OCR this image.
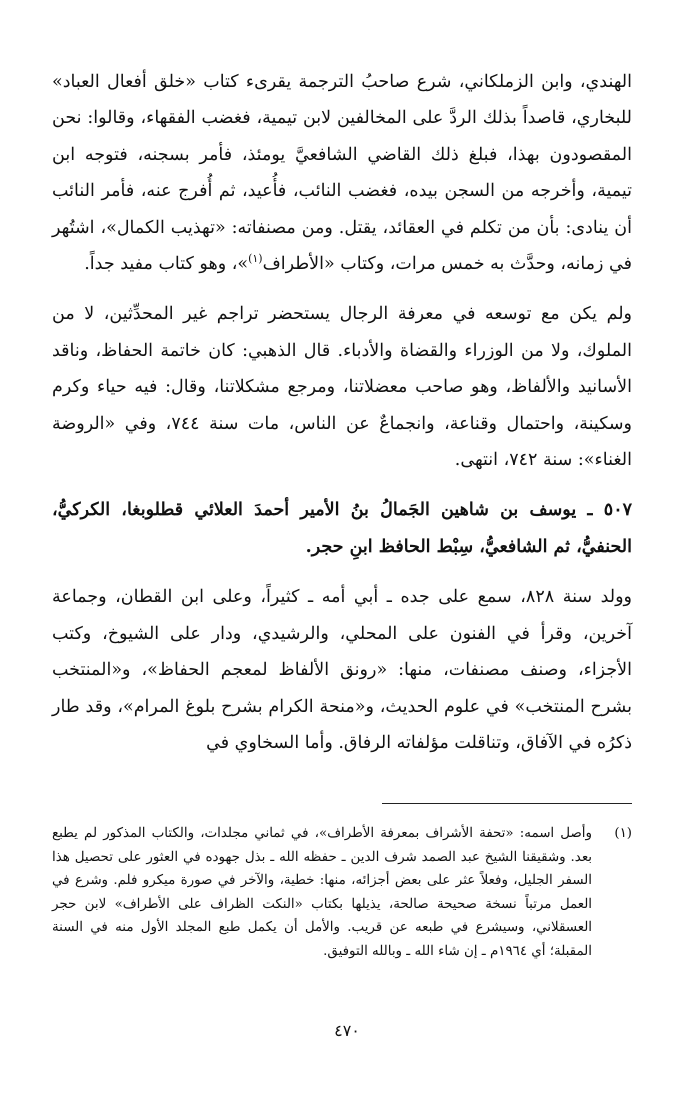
الهندي، وابن الزملكاني، شرع صاحبُ الترجمة يقرىء كتاب «خلق أفعال العباد» للبخاري، قاصداً بذلك الردَّ على المخالفين لابن تيمية، فغضب الفقهاء، وقالوا: نحن المقصودون بهذا، فبلغ ذلك القاضي الشافعيَّ يومئذ، فأمر بسجنه، فتوجه ابن تيمية، وأخرجه من السجن بيده، فغضب النائب، فأُعيد، ثم أُفرج عنه، فأمر النائب أن ينادى: بأن من تكلم في العقائد، يقتل. ومن مصنفاته: «تهذيب الكمال»، اشتُهر في زمانه، وحدَّث به خمس مرات، وكتاب «الأطراف$^{(١)}$»، وهو كتاب مفيد جداً.

ولم يكن مع توسعه في معرفة الرجال يستحضر تراجم غير المحدِّثين، لا من الملوك، ولا من الوزراء والقضاة والأدباء. قال الذهبي: كان خاتمة الحفاظ، وناقد الأسانيد والألفاظ، وهو صاحب معضلاتنا، ومرجع مشكلاتنا، وقال: فيه حياء وكرم وسكينة، واحتمال وقناعة، وانجماعٌ عن الناس، مات سنة ٧٤٤، وفي «الروضة الغناء»: سنة ٧٤٢، انتهى.

٥٠٧ ـ يوسف بن شاهين الجَمالُ بنُ الأمير أحمدَ العلائي قطلوبغا، الكركيُّ، الحنفيُّ، ثم الشافعيُّ، سِبْط الحافظ ابنِ حجر.

وولد سنة ٨٢٨، سمع على جده ـ أبي أمه ـ كثيراً، وعلى ابن القطان، وجماعة آخرين، وقرأ في الفنون على المحلي، والرشيدي، ودار على الشيوخ، وكتب الأجزاء، وصنف مصنفات، منها: «رونق الألفاظ لمعجم الحفاظ»، و«المنتخب بشرح المنتخب» في علوم الحديث، و«منحة الكرام بشرح بلوغ المرام»، وقد طار ذكرُه في الآفاق، وتناقلت مؤلفاته الرفاق. وأما السخاوي في

(١)

وأصل اسمه: «تحفة الأشراف بمعرفة الأطراف»، في ثماني مجلدات، والكتاب المذكور لم يطبع بعد. وشقيقنا الشيخ عبد الصمد شرف الدين ـ حفظه الله ـ بذل جهوده في العثور على تحصيل هذا السفر الجليل، وفعلاً عثر على بعض أجزائه، منها: خطية، والآخر في صورة ميكرو فلم. وشرع في العمل مرتباً نسخة صحيحة صالحة، يذيلها بكتاب «النكت الظراف على الأطراف» لابن حجر العسقلاني، وسيشرع في طبعه عن قريب. والأمل أن يكمل طبع المجلد الأول منه في السنة المقبلة؛ أي ١٩٦٤م ـ إن شاء الله ـ وبالله التوفيق.

٤٧٠
